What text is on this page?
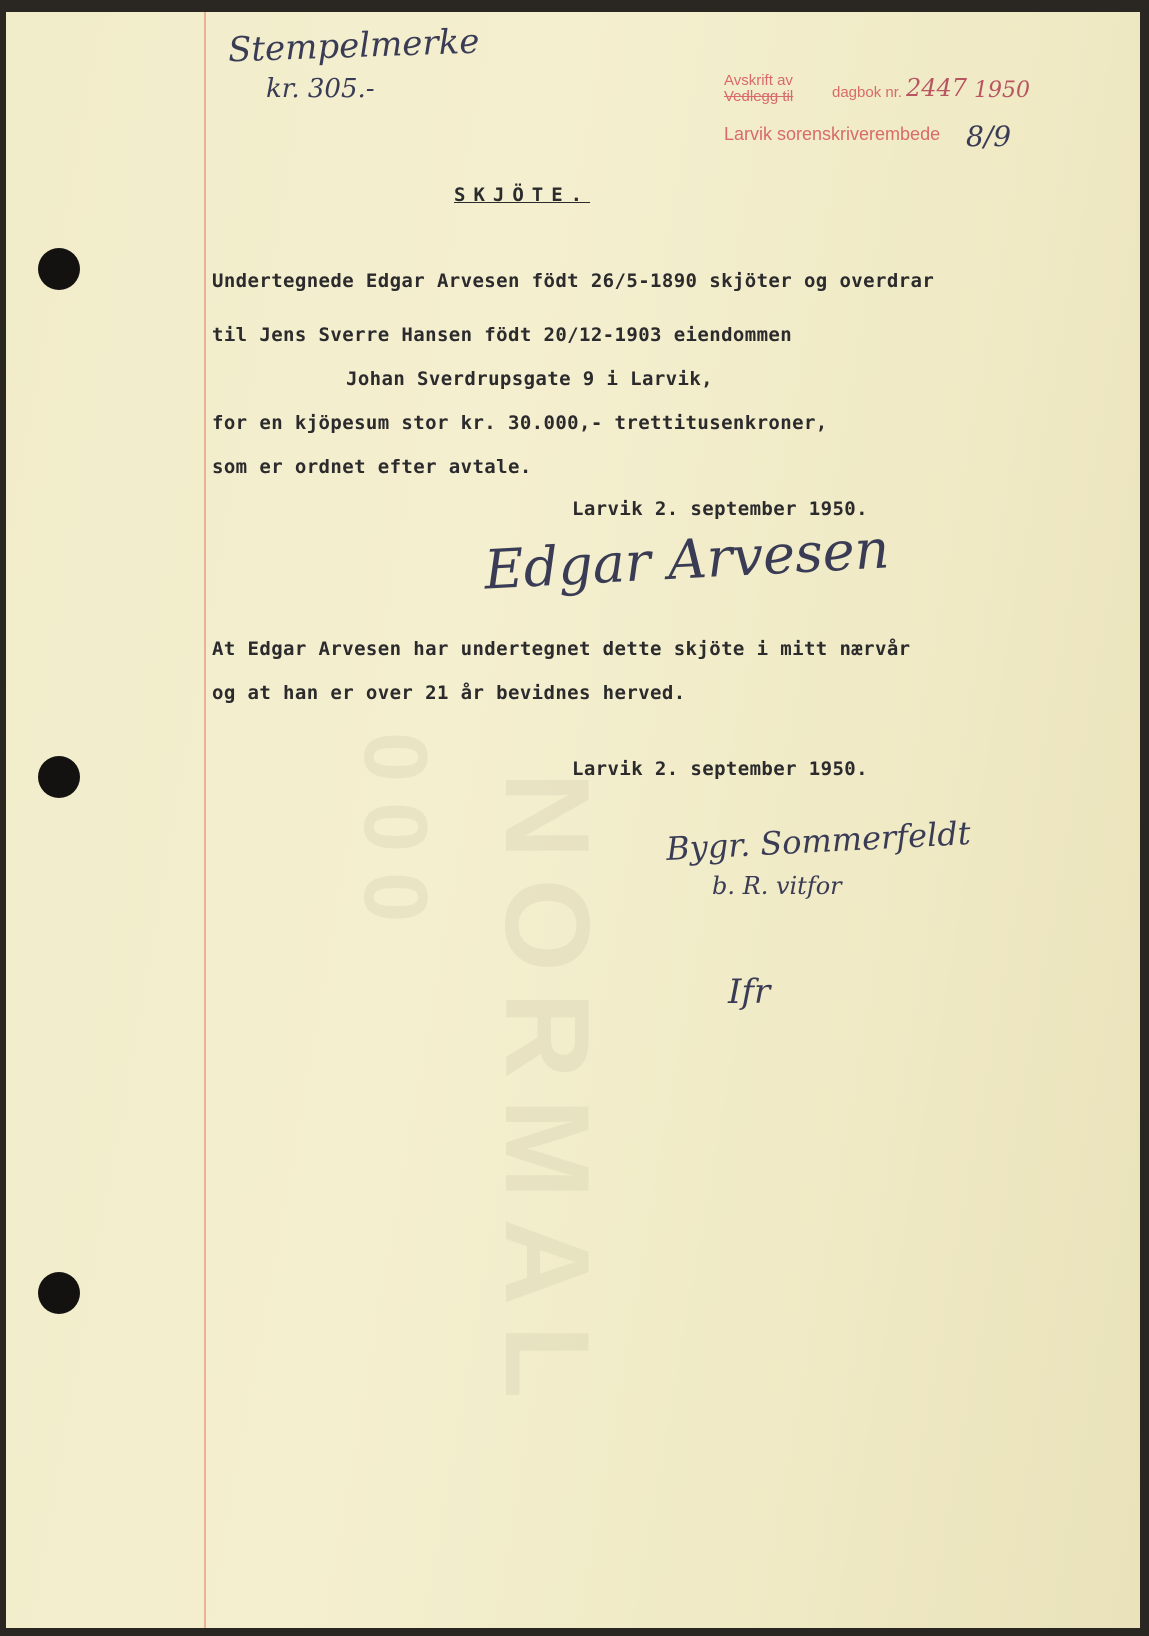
NORMAL
000
Stempelmerke
kr. 305.-	Avskrift av
Vedlegg til	dagbok nr. 2447 1950
Larvik sorenskriverembede 8/9
SKJÖTE.
Undertegnede Edgar Arvesen födt 26/5-1890 skjöter og overdrar
til Jens Sverre Hansen födt 20/12-1903 eiendommen
Johan Sverdrupsgate 9 i Larvik,
for en kjöpesum stor kr. 30.000,- trettitusenkroner,
som er ordnet efter avtale.
Larvik 2. september 1950.
Edgar Arvesen
At Edgar Arvesen har undertegnet dette skjöte i mitt nærvår
og at han er over 21 år bevidnes herved.
Larvik 2. september 1950.
Bygr. Sommerfeldt
b. R. vitfor
Ifr
